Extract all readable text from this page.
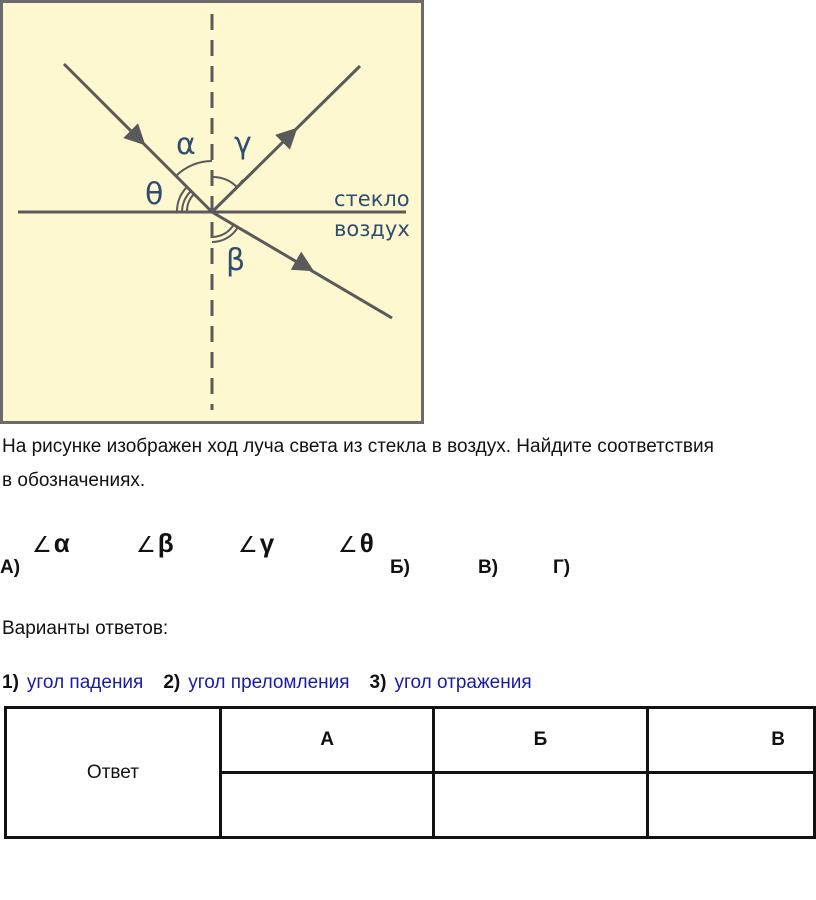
α γ
θ
β
стекло
воздух
На рисунке изображен ход луча света из стекла в воздух. Найдите соответствия
в обозначениях.
А)
∠α	∠β	∠γ	∠θ
Б)	В)	Г)
Варианты ответов:
1) угол падения 2) угол преломления 3) угол отражения
Ответ	А	Б	В
